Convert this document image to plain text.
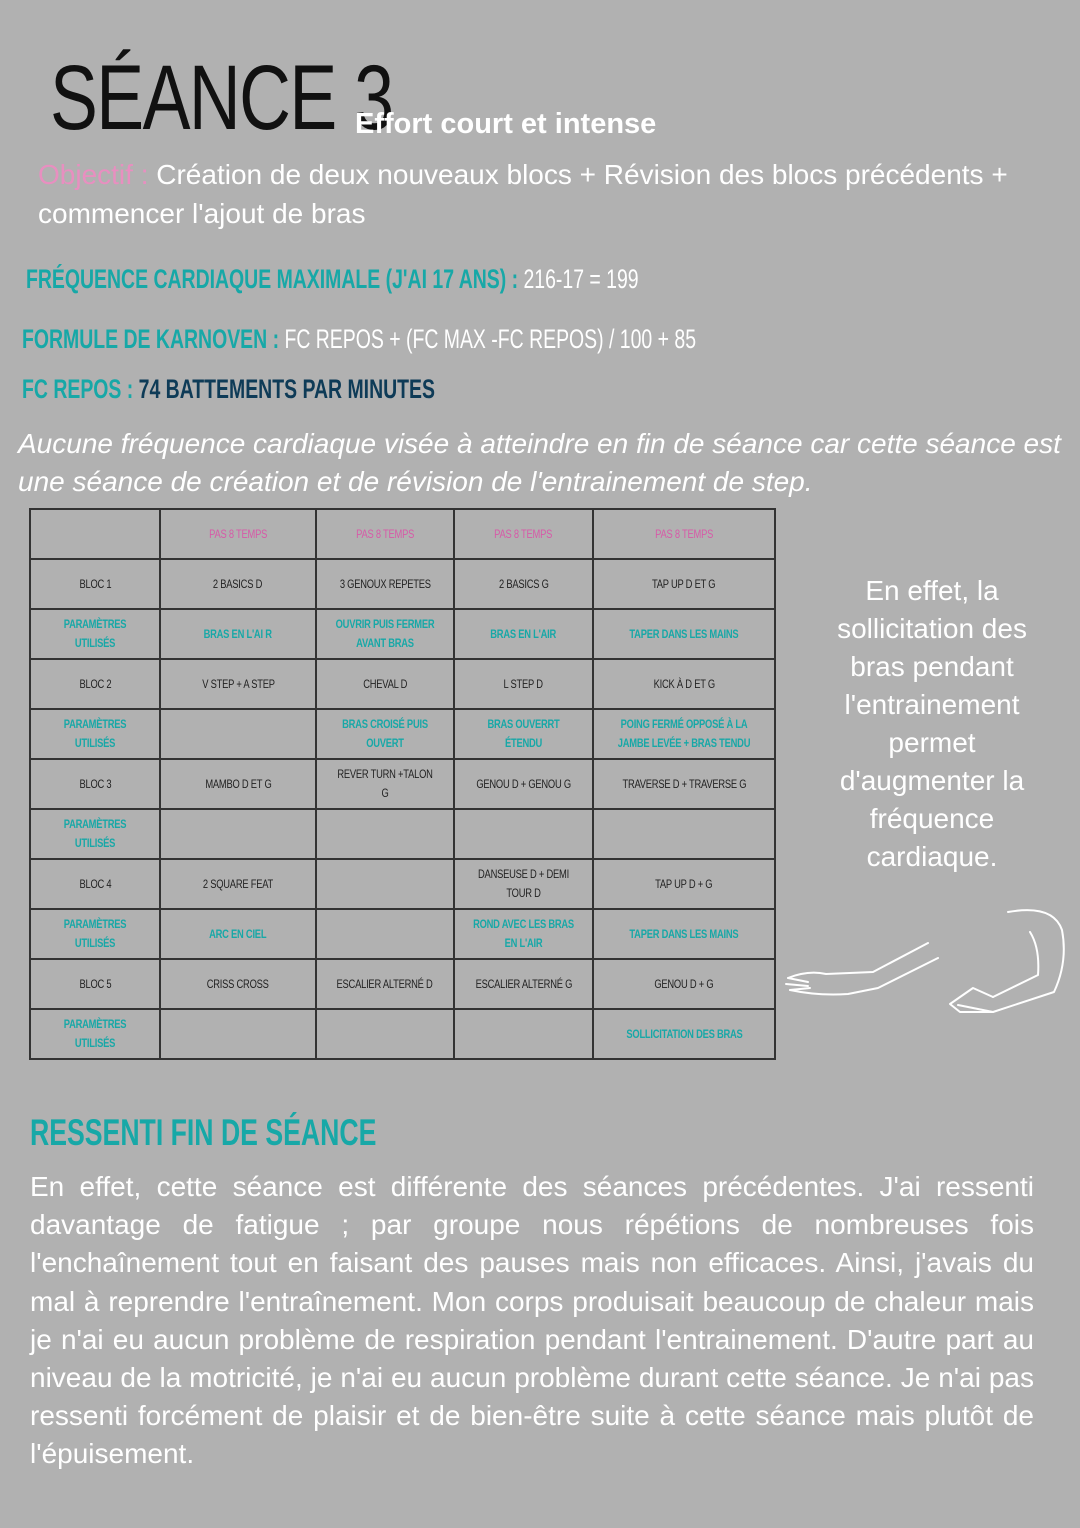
SÉANCE 3
Effort court et intense
Objectif : Création de deux nouveaux blocs + Révision des blocs précédents + commencer l'ajout de bras
FRÉQUENCE CARDIAQUE MAXIMALE (J'AI 17 ANS) : 216-17 = 199
FORMULE DE KARNOVEN : FC REPOS + (FC MAX -FC REPOS) / 100 + 85
FC REPOS : 74 BATTEMENTS PAR MINUTES
Aucune fréquence cardiaque visée à atteindre en fin de séance car cette séance est une séance de création et de révision de l'entrainement de step.
	PAS 8 TEMPS	PAS 8 TEMPS	PAS 8 TEMPS	PAS 8 TEMPS
BLOC 1	2 BASICS D	3 GENOUX REPETES	2 BASICS G	TAP UP D ET G
PARAMÈTRES UTILISÉS	BRAS EN L'AI R	OUVRIR PUIS FERMER AVANT BRAS	BRAS EN L'AIR	TAPER DANS LES MAINS
BLOC 2	V STEP + A STEP	CHEVAL D	L STEP D	KICK À D ET G
PARAMÈTRES UTILISÉS		BRAS CROISÉ PUIS OUVERT	BRAS OUVERRT ÉTENDU	POING FERMÉ OPPOSÉ À LA JAMBE LEVÉE + BRAS TENDU
BLOC 3	MAMBO D ET G	REVER TURN +TALON G	GENOU D + GENOU G	TRAVERSE D + TRAVERSE G
PARAMÈTRES UTILISÉS				
BLOC 4	2 SQUARE FEAT		DANSEUSE D + DEMI TOUR D	TAP UP D + G
PARAMÈTRES UTILISÉS	ARC EN CIEL		ROND AVEC LES BRAS EN L'AIR	TAPER DANS LES MAINS
BLOC 5	CRISS CROSS	ESCALIER ALTERNÉ D	ESCALIER ALTERNÉ G	GENOU D + G
PARAMÈTRES UTILISÉS				SOLLICITATION DES BRAS
En effet, la sollicitation des bras pendant l'entrainement permet d'augmenter la fréquence cardiaque.
RESSENTI FIN DE SÉANCE
En effet, cette séance est différente des séances précédentes. J'ai ressenti davantage de fatigue ; par groupe nous répétions de nombreuses fois l'enchaînement tout en faisant des pauses mais non efficaces. Ainsi, j'avais du mal à reprendre l'entraînement. Mon corps produisait beaucoup de chaleur mais je n'ai eu aucun problème de respiration pendant l'entrainement. D'autre part au niveau de la motricité, je n'ai eu aucun problème durant cette séance. Je n'ai pas ressenti forcément de plaisir et de bien-être suite à cette séance mais plutôt de l'épuisement.
